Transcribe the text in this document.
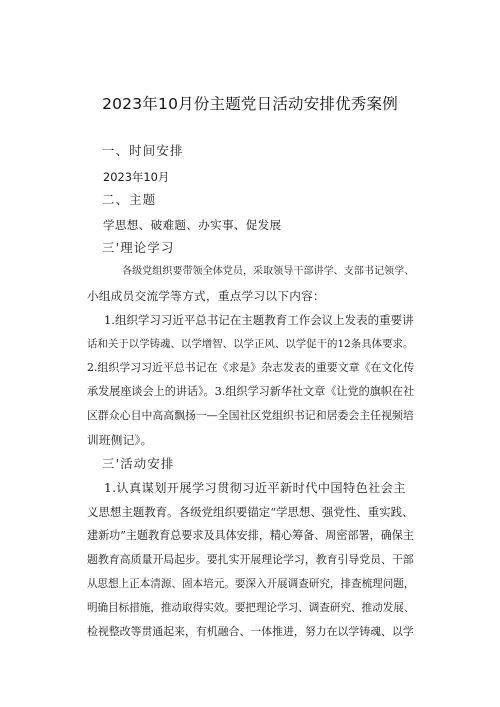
2023年10月份主题党日活动安排优秀案例
一、时间安排
2023年10月
二、主题
学思想、破难题、办实事、促发展
三'理论学习
各级党组织要带领全体党员，采取领导干部讲学、支部书记领学、
小组成员交流学等方式，重点学习以下内容：
1.组织学习习近平总书记在主题教育工作会议上发表的重要讲
话和关于以学铸魂、以学增智、以学正风、以学促干的12条具体要求。
2.组织学习习近平总书记在《求是》杂志发表的重要文章《在文化传
承发展座谈会上的讲话》。3.组织学习新华社文章《让党的旗帜在社
区群众心目中高高飘扬一—全国社区党组织书记和居委会主任视频培
训班侧记》。
三'活动安排
1.认真谋划开展学习贯彻习近平新时代中国特色社会主
义思想主题教育。各级党组织要锚定“学思想、强党性、重实践、
建新功”主题教育总要求及具体安排，精心筹备、周密部署，确保主
题教育高质量开局起步。要扎实开展理论学习，教育引导党员、干部
从思想上正本清源、固本培元。要深入开展调查研究，排查梳理问题，
明确目标措施，推动取得实效。要把理论学习、调查研究、推动发展、
检视整改等贯通起来，有机融合、一体推进，努力在以学铸魂、以学
